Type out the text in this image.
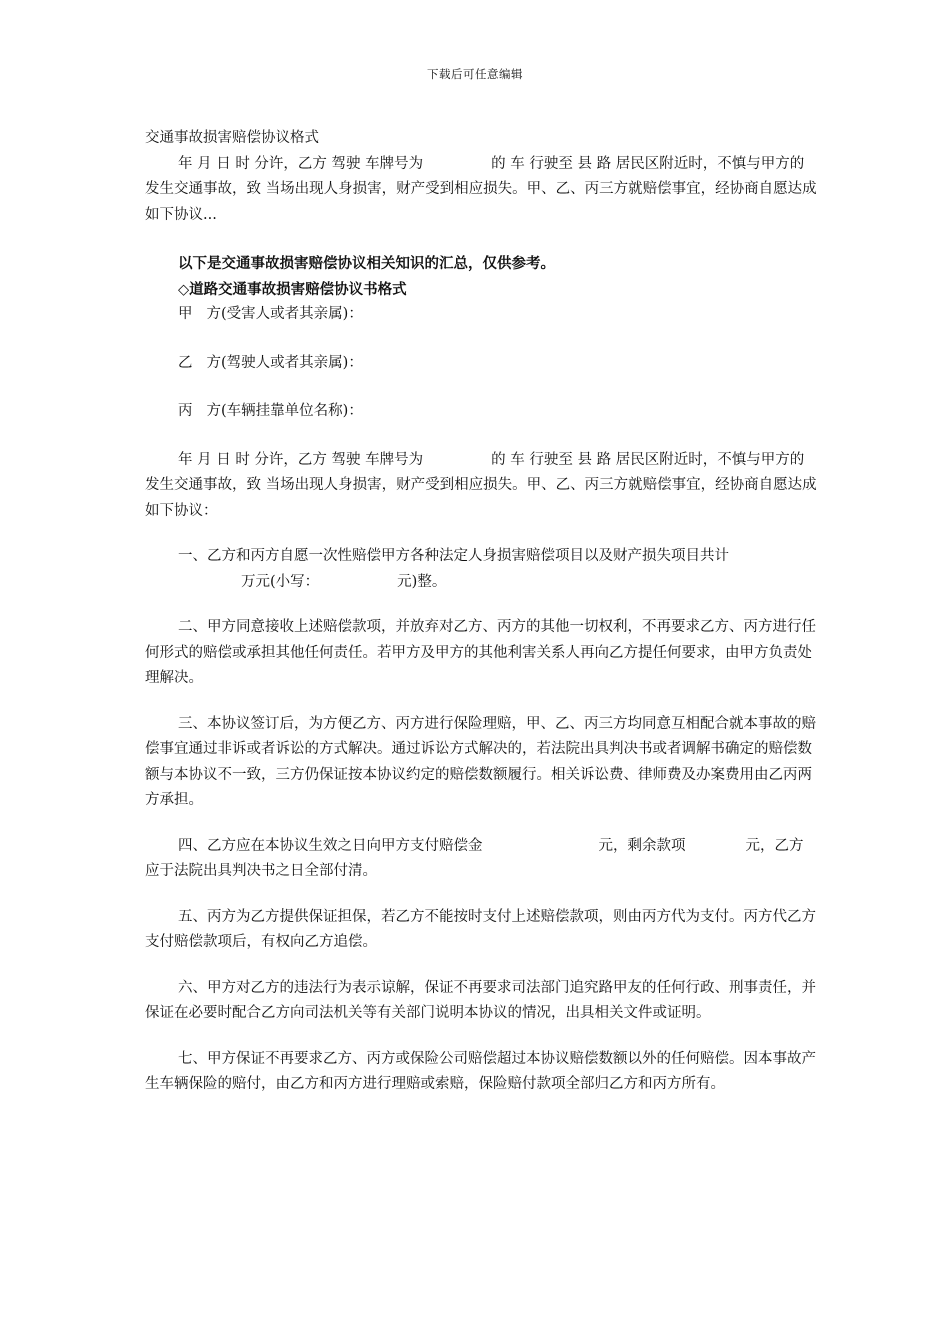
下载后可任意编辑

交通事故损害赔偿协议格式

年 月 日 时 分许，乙方 驾驶 车牌号为	的 车 行驶至 县 路 居民区附近时，不慎与甲方的 发生交通事故，致 当场出现人身损害，财产受到相应损失。甲、乙、丙三方就赔偿事宜，经协商自愿达成如下协议...

以下是交通事故损害赔偿协议相关知识的汇总，仅供参考。

◇道路交通事故损害赔偿协议书格式

甲方(受害人或者其亲属)：

乙方(驾驶人或者其亲属)：

丙方(车辆挂靠单位名称)：

年 月 日 时 分许，乙方 驾驶 车牌号为	的 车 行驶至 县 路 居民区附近时，不慎与甲方的 发生交通事故，致 当场出现人身损害，财产受到相应损失。甲、乙、丙三方就赔偿事宜，经协商自愿达成如下协议：

一、乙方和丙方自愿一次性赔偿甲方各种法定人身损害赔偿项目以及财产损失项目共计万元(小写：	元)整。

二、甲方同意接收上述赔偿款项，并放弃对乙方、丙方的其他一切权利，不再要求乙方、丙方进行任何形式的赔偿或承担其他任何责任。若甲方及甲方的其他利害关系人再向乙方提任何要求，由甲方负责处理解决。

三、本协议签订后，为方便乙方、丙方进行保险理赔，甲、乙、丙三方均同意互相配合就本事故的赔偿事宜通过非诉或者诉讼的方式解决。通过诉讼方式解决的，若法院出具判决书或者调解书确定的赔偿数额与本协议不一致，三方仍保证按本协议约定的赔偿数额履行。相关诉讼费、律师费及办案费用由乙丙两方承担。

四、乙方应在本协议生效之日向甲方支付赔偿金	元，剩余款项	元，乙方应于法院出具判决书之日全部付清。

五、丙方为乙方提供保证担保，若乙方不能按时支付上述赔偿款项，则由丙方代为支付。丙方代乙方支付赔偿款项后，有权向乙方追偿。

六、甲方对乙方的违法行为表示谅解，保证不再要求司法部门追究路甲友的任何行政、刑事责任，并保证在必要时配合乙方向司法机关等有关部门说明本协议的情况，出具相关文件或证明。

七、甲方保证不再要求乙方、丙方或保险公司赔偿超过本协议赔偿数额以外的任何赔偿。因本事故产生车辆保险的赔付，由乙方和丙方进行理赔或索赔，保险赔付款项全部归乙方和丙方所有。
